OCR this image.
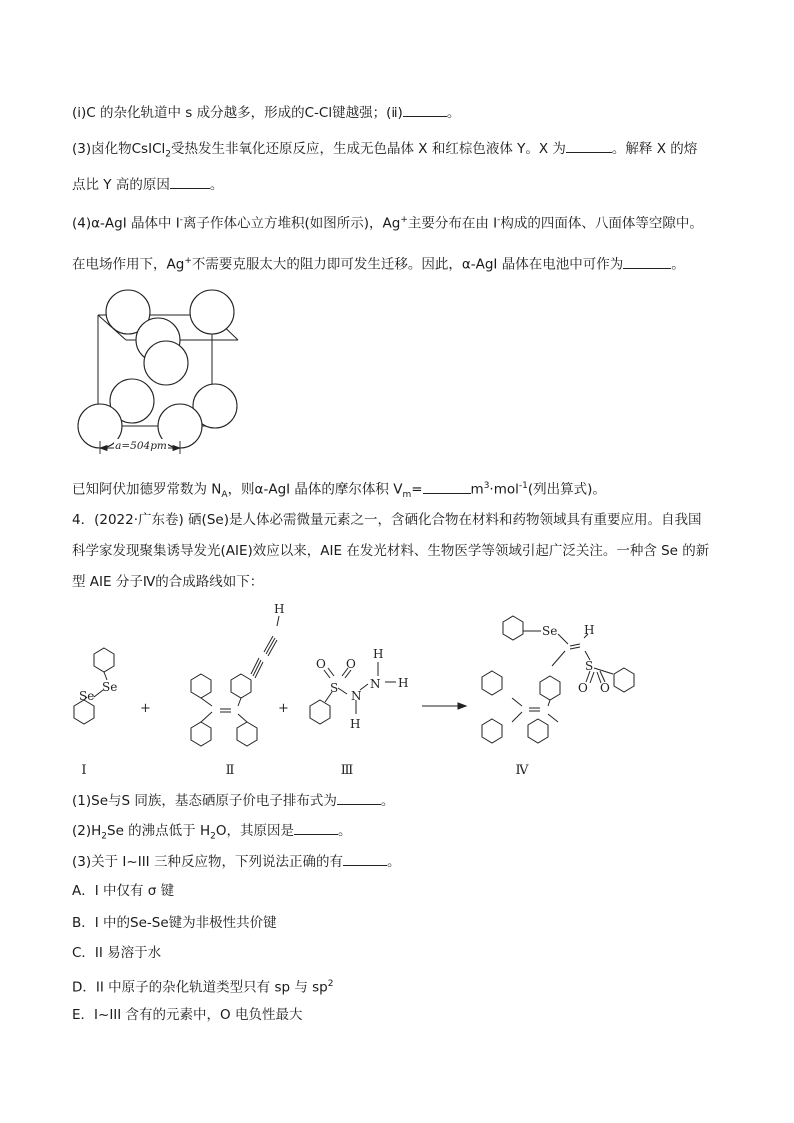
(ⅰ)C 的杂化轨道中 s 成分越多，形成的C-Cl键越强；(ⅱ)	。
(3)卤化物CsICl$_2$受热发生非氧化还原反应，生成无色晶体 X 和红棕色液体 Y。X 为	。解释 X 的熔
点比 Y 高的原因	。
(4)α-AgI 晶体中 I-离子作体心立方堆积(如图所示)，Ag+主要分布在由 I-构成的四面体、八面体等空隙中。
在电场作用下，Ag+不需要克服太大的阻力即可发生迁移。因此，α-AgI 晶体在电池中可作为	。
a=504pm
已知阿伏加德罗常数为 $N_A$，则α-AgI 晶体的摩尔体积 $V_m=$	$m^3\cdot mol^{-1}$(列出算式)。
4．(2022·广东卷) 硒(Se)是人体必需微量元素之一，含硒化合物在材料和药物领域具有重要应用。自我国
科学家发现聚集诱导发光(AIE)效应以来，AIE 在发光材料、生物医学等领域引起广泛关注。一种含 Se 的新
型 AIE 分子Ⅳ的合成路线如下：
Se
Se
H
S
O O
N
N
H
H
H
Se H
S
O O
+	+
Ⅰ	Ⅱ	Ⅲ	Ⅳ
(1)Se与S 同族，基态硒原子价电子排布式为	。
$(2)H_2Se$ 的沸点低于 $H_2O$，其原因是	。
(3)关于 I~III 三种反应物，下列说法正确的有	。
A．I 中仅有 σ 键
B．I 中的Se-Se键为非极性共价键
C．II 易溶于水
D．II 中原子的杂化轨道类型只有 sp 与 $sp^2$
E．I~III 含有的元素中，O 电负性最大
